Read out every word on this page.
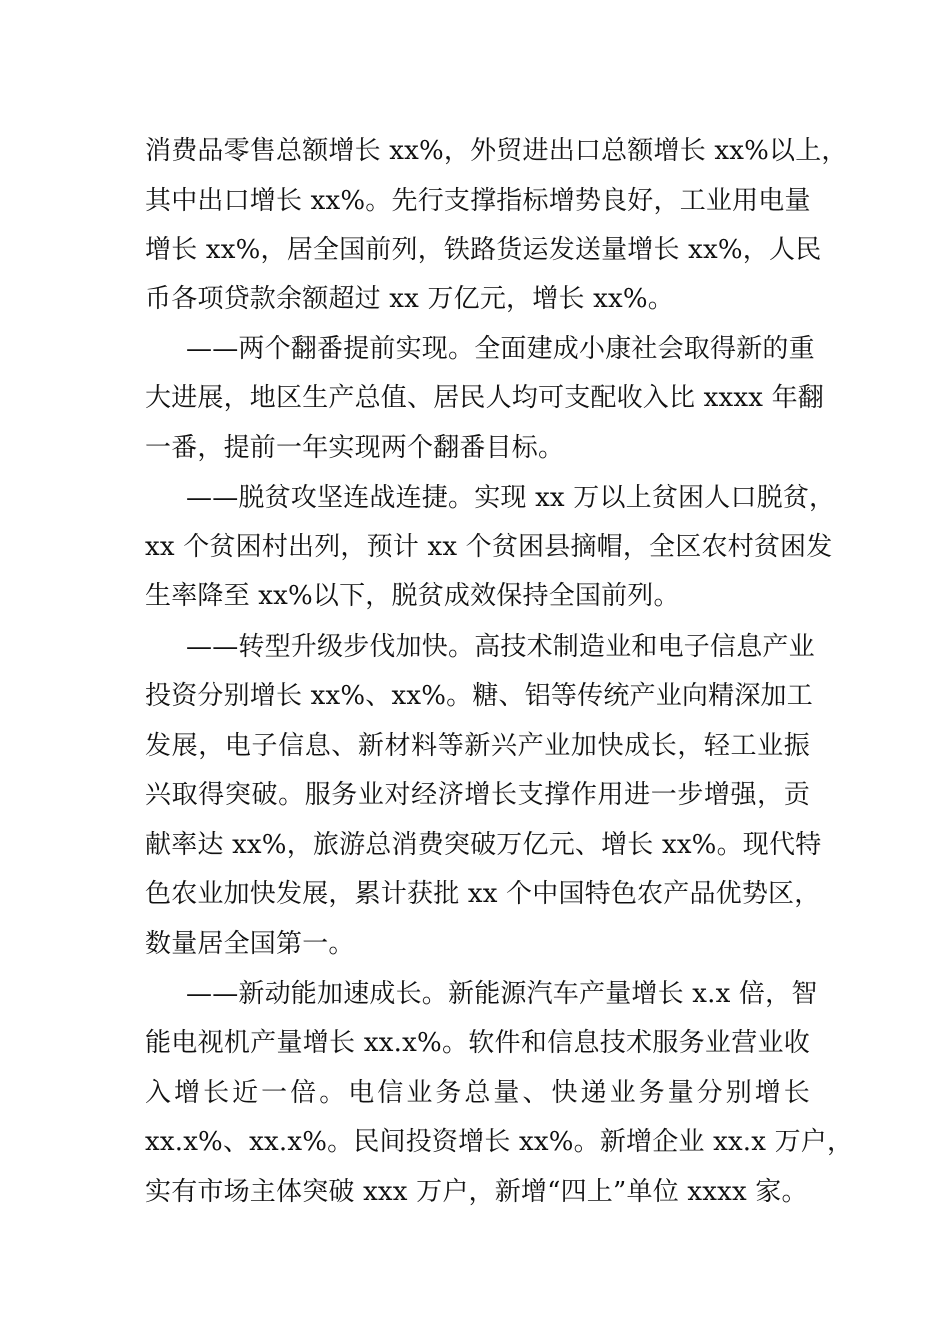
消费品零售总额增长 xx%，外贸进出口总额增长 xx%以上，
其中出口增长 xx%。先行支撑指标增势良好，工业用电量
增长 xx%，居全国前列，铁路货运发送量增长 xx%，人民
币各项贷款余额超过 xx 万亿元，增长 xx%。
——两个翻番提前实现。全面建成小康社会取得新的重
大进展，地区生产总值、居民人均可支配收入比 xxxx 年翻
一番，提前一年实现两个翻番目标。
——脱贫攻坚连战连捷。实现 xx 万以上贫困人口脱贫，
xx 个贫困村出列，预计 xx 个贫困县摘帽，全区农村贫困发
生率降至 xx%以下，脱贫成效保持全国前列。
——转型升级步伐加快。高技术制造业和电子信息产业
投资分别增长 xx%、xx%。糖、铝等传统产业向精深加工
发展，电子信息、新材料等新兴产业加快成长，轻工业振
兴取得突破。服务业对经济增长支撑作用进一步增强，贡
献率达 xx%，旅游总消费突破万亿元、增长 xx%。现代特
色农业加快发展，累计获批 xx 个中国特色农产品优势区，
数量居全国第一。
——新动能加速成长。新能源汽车产量增长 x.x 倍，智
能电视机产量增长 xx.x%。软件和信息技术服务业营业收
入增长近一倍。电信业务总量、快递业务量分别增长
xx.x%、xx.x%。民间投资增长 xx%。新增企业 xx.x 万户，
实有市场主体突破 xxx 万户，新增“四上”单位 xxxx 家。
